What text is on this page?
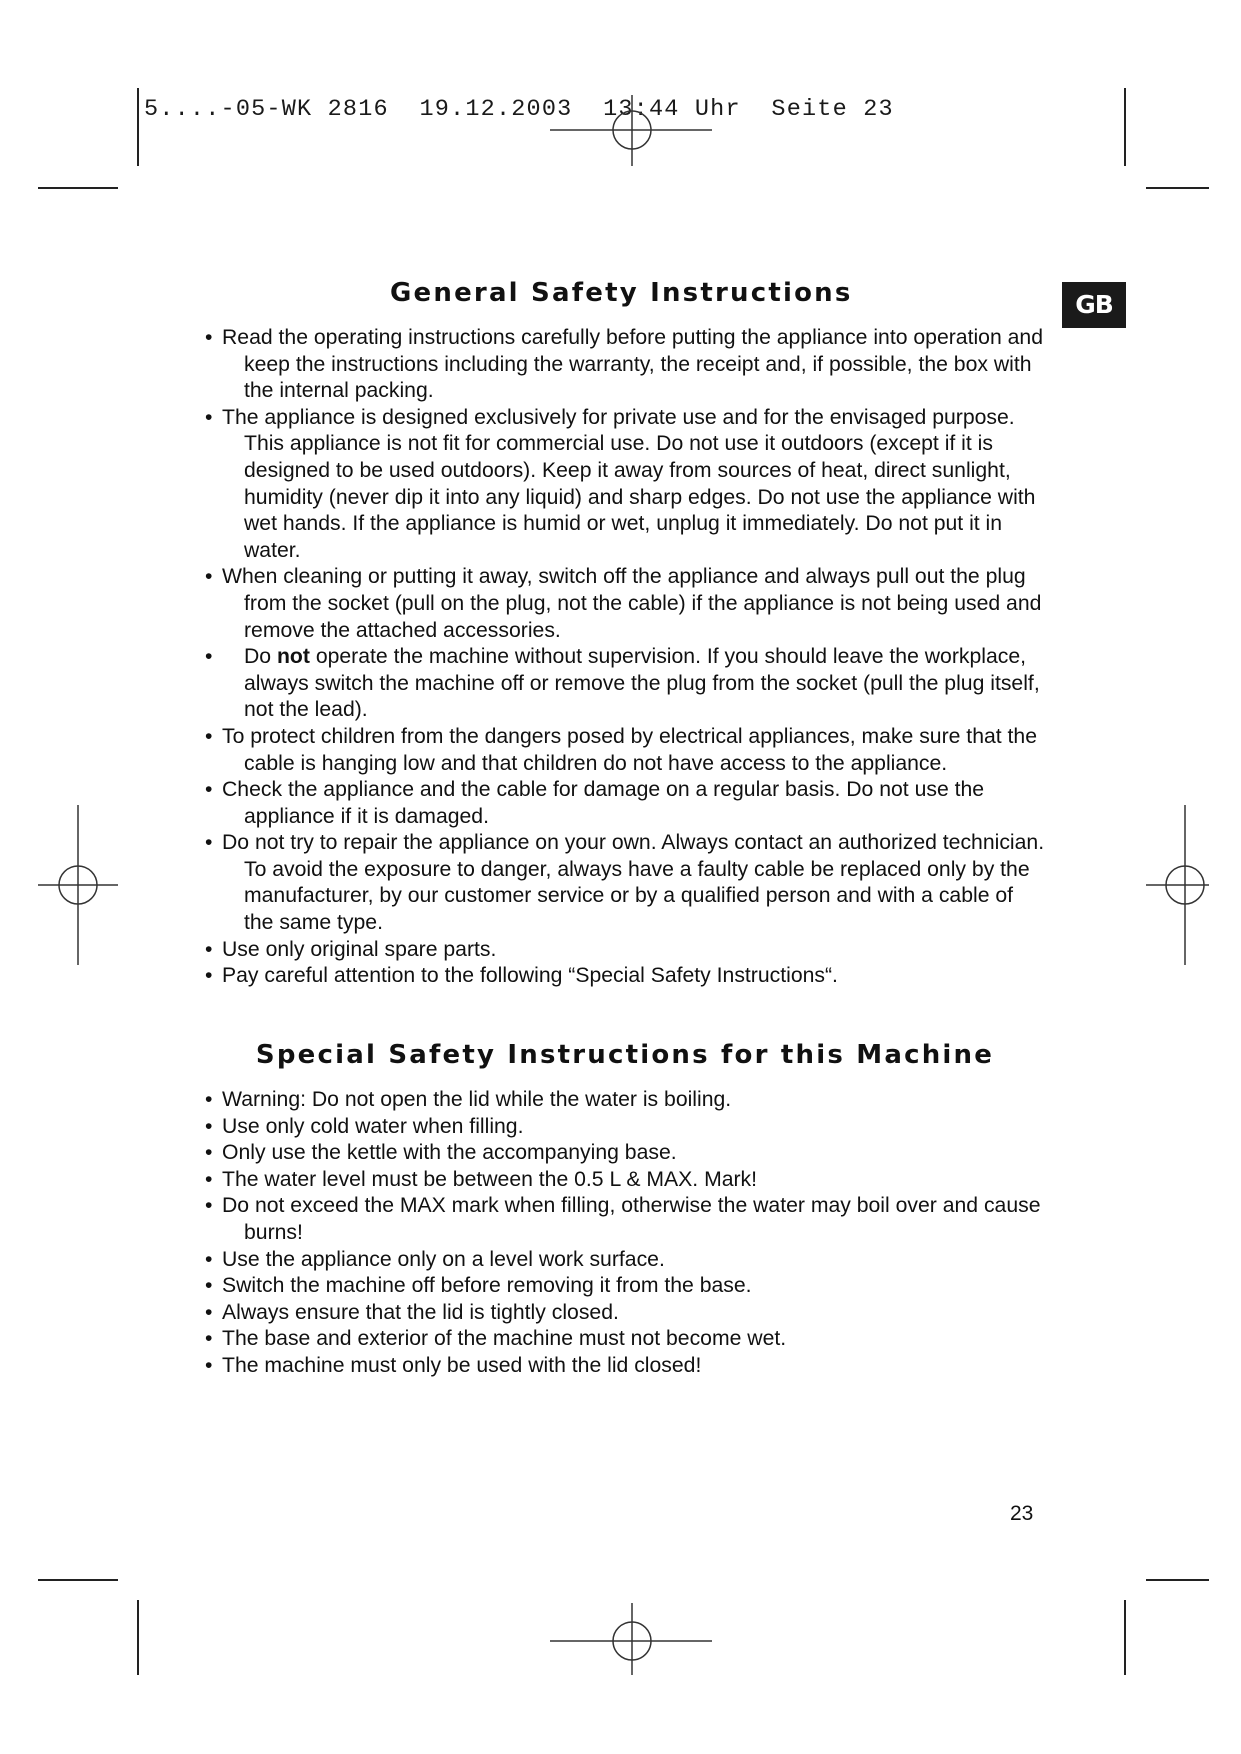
5....-05-WK 2816  19.12.2003  13:44 Uhr  Seite 23
GB
General Safety Instructions
• Read the operating instructions carefully before putting the appliance into operation and keep the instructions including the warranty, the receipt and, if possible, the box with the internal packing.
• The appliance is designed exclusively for private use and for the envisaged purpose. This appliance is not fit for commercial use. Do not use it outdoors (except if it is designed to be used outdoors). Keep it away from sources of heat, direct sunlight, humidity (never dip it into any liquid) and sharp edges. Do not use the appliance with wet hands. If the appliance is humid or wet, unplug it immediately. Do not put it in water.
• When cleaning or putting it away, switch off the appliance and always pull out the plug from the socket (pull on the plug, not the cable) if the appliance is not being used and remove the attached accessories.
• Do not operate the machine without supervision. If you should leave the workplace, always switch the machine off or remove the plug from the socket (pull the plug itself, not the lead).
• To protect children from the dangers posed by electrical appliances, make sure that the cable is hanging low and that children do not have access to the appliance.
• Check the appliance and the cable for damage on a regular basis. Do not use the appliance if it is damaged.
• Do not try to repair the appliance on your own. Always contact an authorized technician. To avoid the exposure to danger, always have a faulty cable be replaced only by the manufacturer, by our customer service or by a qualified person and with a cable of the same type.
• Use only original spare parts.
• Pay careful attention to the following “Special Safety Instructions“.
Special Safety Instructions for this Machine
• Warning: Do not open the lid while the water is boiling.
• Use only cold water when filling.
• Only use the kettle with the accompanying base.
• The water level must be between the 0.5 L & MAX. Mark!
• Do not exceed the MAX mark when filling, otherwise the water may boil over and cause burns!
• Use the appliance only on a level work surface.
• Switch the machine off before removing it from the base.
• Always ensure that the lid is tightly closed.
• The base and exterior of the machine must not become wet.
• The machine must only be used with the lid closed!
23
